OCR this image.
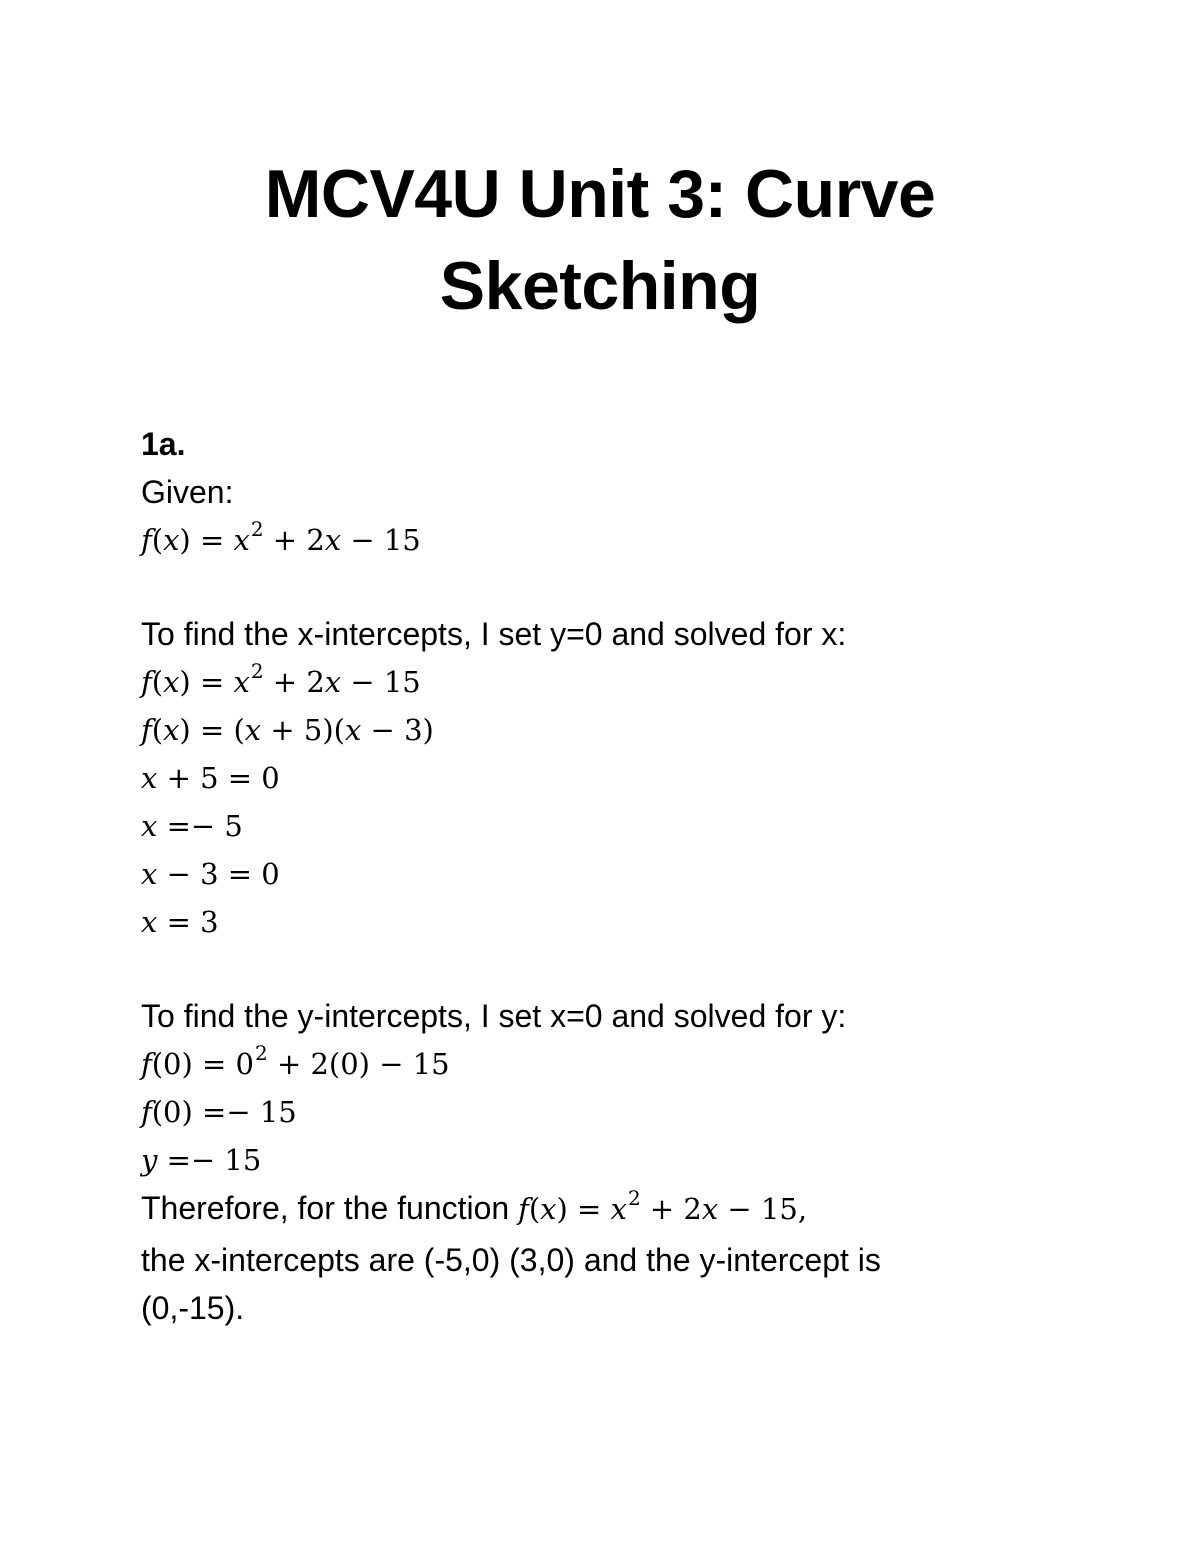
MCV4U Unit 3: Curve
Sketching
1a.
Given:
$f(x) = x^2 + 2x - 15$
To find the x-intercepts, I set y=0 and solved for x:
$f(x) = x^2 + 2x - 15$
f(x) = (x + 5)(x − 3)
x + 5 = 0
x =− 5
x − 3 = 0
x = 3
To find the y-intercepts, I set x=0 and solved for y:
$f(0) = 0^2 + 2(0) - 15$
f(0) =− 15
y =− 15
Therefore, for the function $f(x) = x^2 + 2x - 15$,
the x-intercepts are (-5,0) (3,0) and the y-intercept is
(0,-15).
